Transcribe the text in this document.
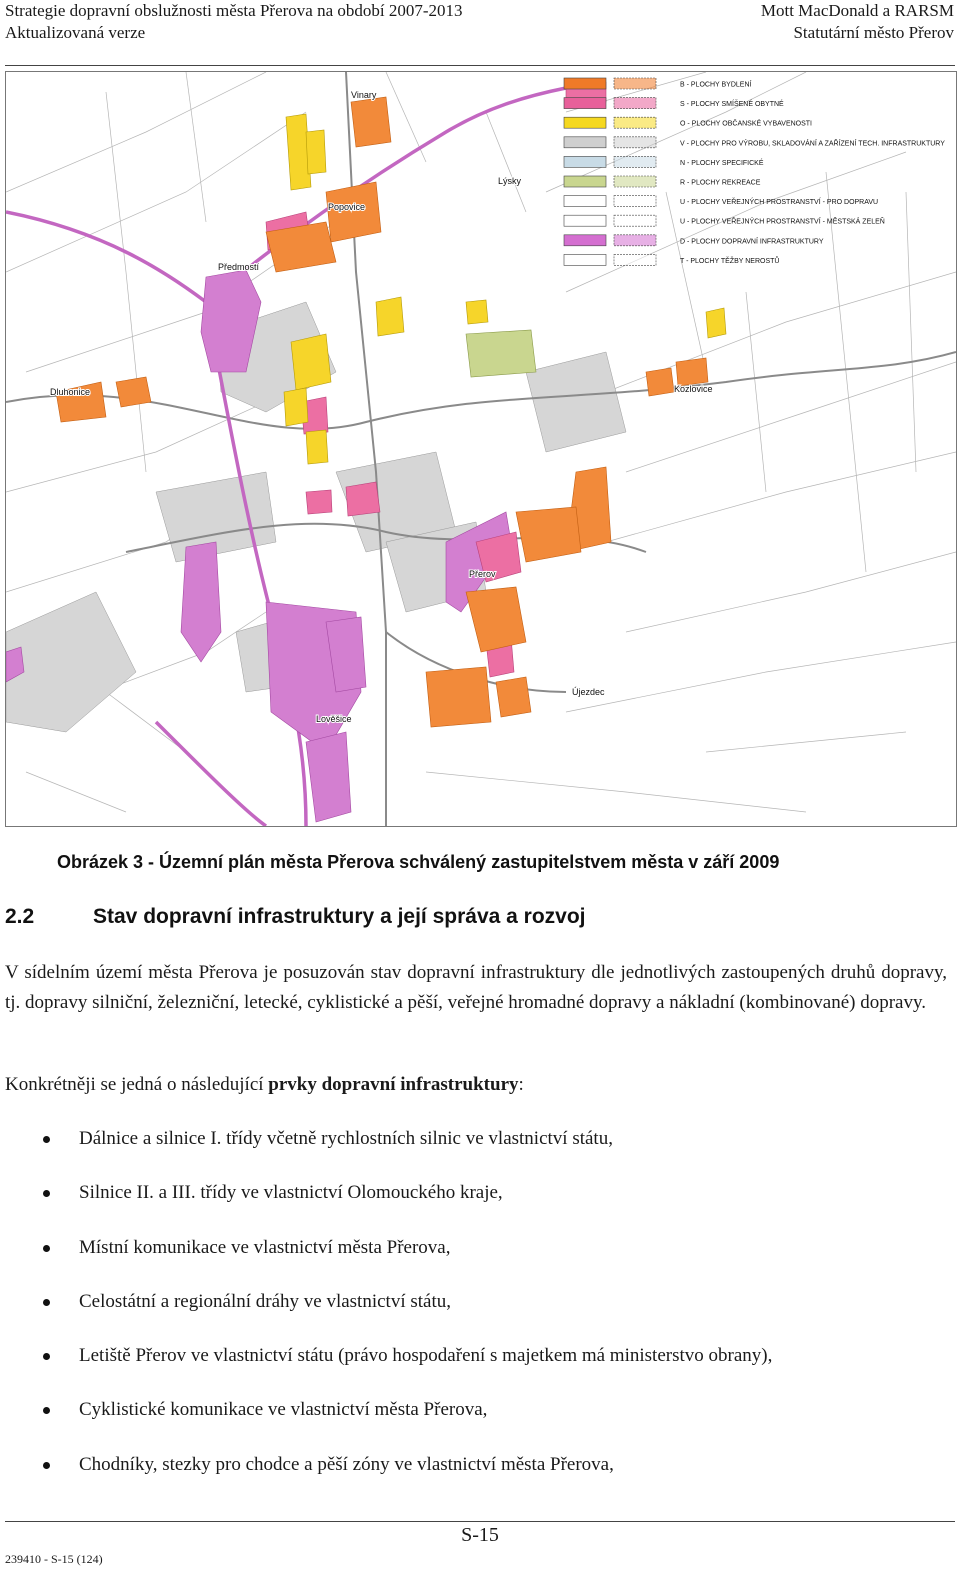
Strategie dopravní obslužnosti města Přerova na období 2007-2013
Aktualizovaná verze
Mott MacDonald a RARSM
Statutární město Přerov
Vinary
Lýsky
Popovice
Předmostí
Dluhonice	Kozlovice
Přerov
Újezdec
Lověšice
B - PLOCHY BYDLENÍ
S - PLOCHY SMÍŠENÉ OBYTNÉ
O - PLOCHY OBČANSKÉ VYBAVENOSTI
V - PLOCHY PRO VÝROBU, SKLADOVÁNÍ A ZAŘÍZENÍ TECH. INFRASTRUKTURY
N - PLOCHY SPECIFICKÉ
R - PLOCHY REKREACE
U - PLOCHY VEŘEJNÝCH PROSTRANSTVÍ - PRO DOPRAVU
U - PLOCHY VEŘEJNÝCH PROSTRANSTVÍ - MĚSTSKÁ ZELEŇ
D - PLOCHY DOPRAVNÍ INFRASTRUKTURY
T - PLOCHY TĚŽBY NEROSTŮ
Obrázek 3 - Územní plán města Přerova schválený zastupitelstvem města v září 2009
2.2	Stav dopravní infrastruktury a její správa a rozvoj
V sídelním území města Přerova je posuzován stav dopravní infrastruktury dle jednotlivých zastoupených druhů dopravy, tj. dopravy silniční, železniční, letecké, cyklistické a pěší, veřejné hromadné dopravy a nákladní (kombinované) dopravy.
Konkrétněji se jedná o následující prvky dopravní infrastruktury:
Dálnice a silnice I. třídy včetně rychlostních silnic ve vlastnictví státu,
Silnice II. a III. třídy ve vlastnictví Olomouckého kraje,
Místní komunikace ve vlastnictví města Přerova,
Celostátní a regionální dráhy ve vlastnictví státu,
Letiště Přerov ve vlastnictví státu (právo hospodaření s majetkem má ministerstvo obrany),
Cyklistické komunikace ve vlastnictví města Přerova,
Chodníky, stezky pro chodce a pěší zóny ve vlastnictví města Přerova,
S-15
239410 - S-15 (124)
